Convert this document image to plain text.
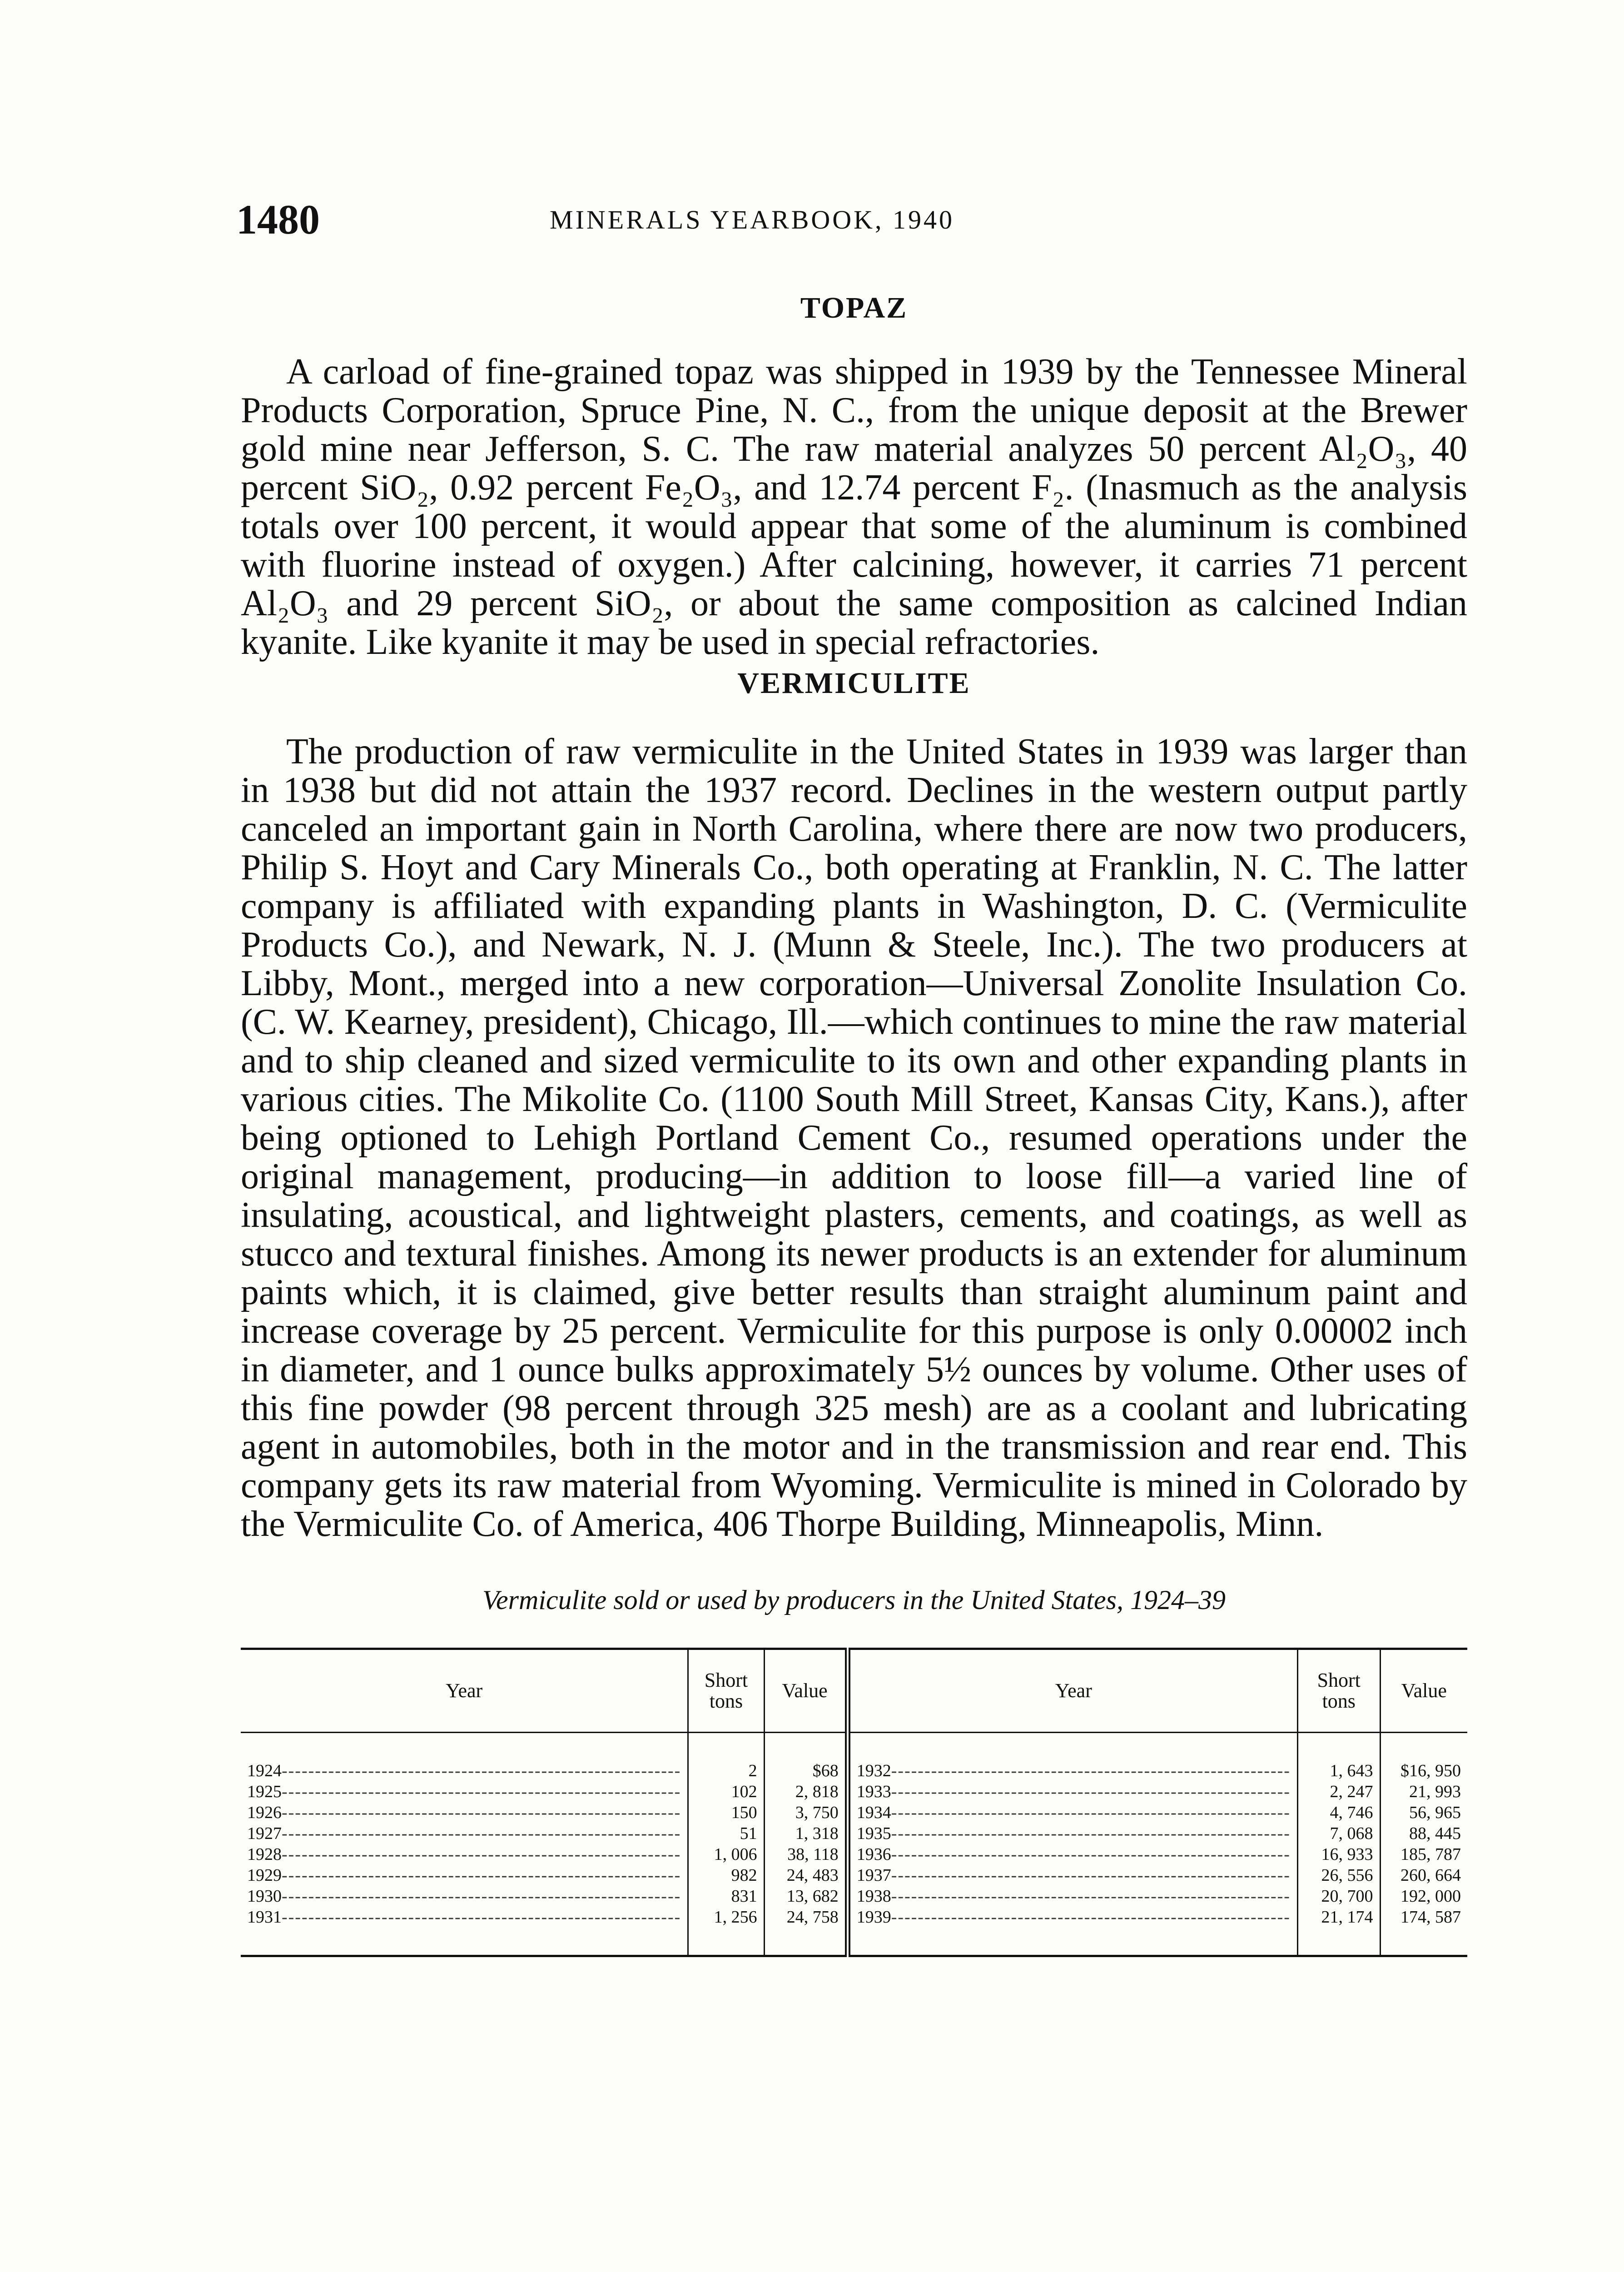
1480	MINERALS YEARBOOK, 1940
TOPAZ

A carload of fine-grained topaz was shipped in 1939 by the Tennessee Mineral Products Corporation, Spruce Pine, N. C., from the unique deposit at the Brewer gold mine near Jefferson, S. C. The raw material analyzes 50 percent Al₂O₃, 40 percent SiO₂, 0.92 percent Fe₂O₃, and 12.74 percent F₂. (Inasmuch as the analysis totals over 100 percent, it would appear that some of the aluminum is combined with fluorine instead of oxygen.) After calcining, however, it carries 71 percent Al₂O₃ and 29 percent SiO₂, or about the same composition as calcined Indian kyanite. Like kyanite it may be used in special refractories.

VERMICULITE

The production of raw vermiculite in the United States in 1939 was larger than in 1938 but did not attain the 1937 record. Declines in the western output partly canceled an important gain in North Carolina, where there are now two producers, Philip S. Hoyt and Cary Minerals Co., both operating at Franklin, N. C. The latter company is affiliated with expanding plants in Washington, D. C. (Vermiculite Products Co.), and Newark, N. J. (Munn & Steele, Inc.). The two producers at Libby, Mont., merged into a new corporation—Universal Zonolite Insulation Co. (C. W. Kearney, president), Chicago, Ill.—which continues to mine the raw material and to ship cleaned and sized vermiculite to its own and other expanding plants in various cities. The Mikolite Co. (1100 South Mill Street, Kansas City, Kans.), after being optioned to Lehigh Portland Cement Co., resumed operations under the original management, producing—in addition to loose fill—a varied line of insulating, acoustical, and lightweight plasters, cements, and coatings, as well as stucco and textural finishes. Among its newer products is an extender for aluminum paints which, it is claimed, give better results than straight aluminum paint and increase coverage by 25 percent. Vermiculite for this purpose is only 0.00002 inch in diameter, and 1 ounce bulks approximately 5½ ounces by volume. Other uses of this fine powder (98 percent through 325 mesh) are as a coolant and lubricating agent in automobiles, both in the motor and in the transmission and rear end. This company gets its raw material from Wyoming. Vermiculite is mined in Colorado by the Vermiculite Co. of America, 406 Thorpe Building, Minneapolis, Minn.

Vermiculite sold or used by producers in the United States, 1924–39
Year	Short tons	Value	Year	Short tons	Value

1924------------------------------------------------------------	2	$68	1932------------------------------------------------------------	1, 643	$16, 950
1925------------------------------------------------------------	102	2, 818	1933------------------------------------------------------------	2, 247	21, 993
1926------------------------------------------------------------	150	3, 750	1934------------------------------------------------------------	4, 746	56, 965
1927------------------------------------------------------------	51	1, 318	1935------------------------------------------------------------	7, 068	88, 445
1928------------------------------------------------------------	1, 006	38, 118	1936------------------------------------------------------------	16, 933	185, 787
1929------------------------------------------------------------	982	24, 483	1937------------------------------------------------------------	26, 556	260, 664
1930------------------------------------------------------------	831	13, 682	1938------------------------------------------------------------	20, 700	192, 000
1931------------------------------------------------------------	1, 256	24, 758	1939------------------------------------------------------------	21, 174	174, 587
